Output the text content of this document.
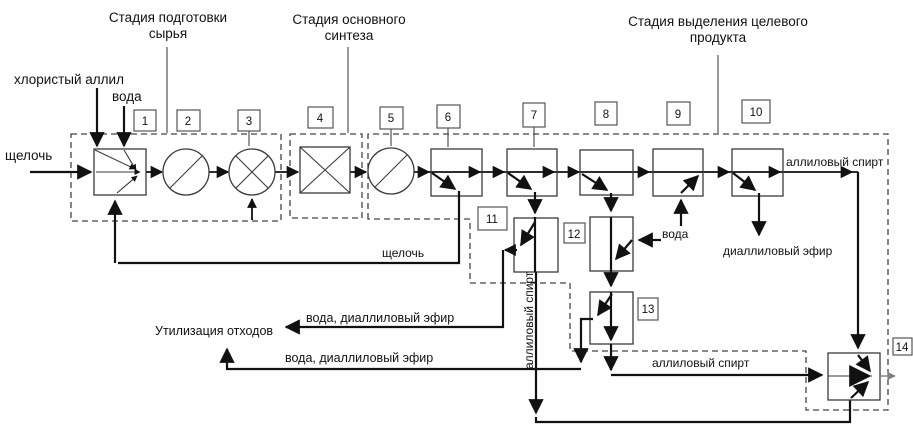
Стадия подготовки
сырья
Стадия основного
синтеза
Стадия выделения целевого
продукта
хлористый аллил
вода
щелочь	аллиловый спирт
щелочь
вода
диаллиловый эфир
аллиловый спирт
вода, диаллиловый эфир
вода, диаллиловый эфир
Утилизация отходов
аллиловый спирт
1	2	3	4	5	6	7	8	9	10
11
12
13
14
